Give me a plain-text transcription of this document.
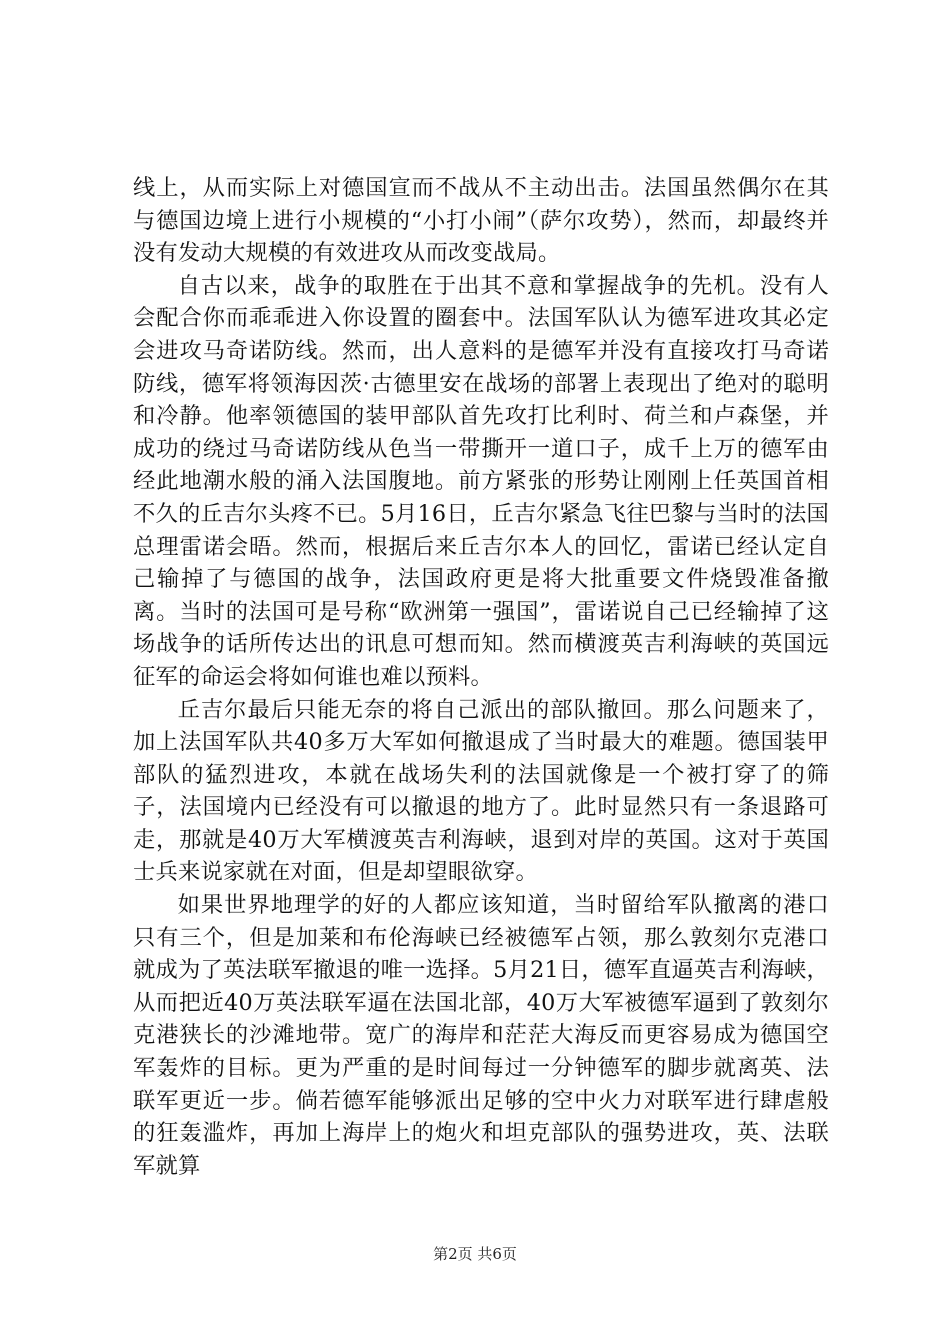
线上，从而实际上对德国宣而不战从不主动出击。法国虽然偶尔在其与德国边境上进行小规模的“小打小闹”（萨尔攻势），然而，却最终并没有发动大规模的有效进攻从而改变战局。

自古以来，战争的取胜在于出其不意和掌握战争的先机。没有人会配合你而乖乖进入你设置的圈套中。法国军队认为德军进攻其必定会进攻马奇诺防线。然而，出人意料的是德军并没有直接攻打马奇诺防线，德军将领海因茨·古德里安在战场的部署上表现出了绝对的聪明和冷静。他率领德国的装甲部队首先攻打比利时、荷兰和卢森堡，并成功的绕过马奇诺防线从色当一带撕开一道口子，成千上万的德军由经此地潮水般的涌入法国腹地。前方紧张的形势让刚刚上任英国首相不久的丘吉尔头疼不已。5月16日，丘吉尔紧急飞往巴黎与当时的法国总理雷诺会晤。然而，根据后来丘吉尔本人的回忆，雷诺已经认定自己输掉了与德国的战争，法国政府更是将大批重要文件烧毁准备撤离。当时的法国可是号称“欧洲第一强国”，雷诺说自己已经输掉了这场战争的话所传达出的讯息可想而知。然而横渡英吉利海峡的英国远征军的命运会将如何谁也难以预料。

丘吉尔最后只能无奈的将自己派出的部队撤回。那么问题来了，加上法国军队共40多万大军如何撤退成了当时最大的难题。德国装甲部队的猛烈进攻，本就在战场失利的法国就像是一个被打穿了的筛子，法国境内已经没有可以撤退的地方了。此时显然只有一条退路可走，那就是40万大军横渡英吉利海峡，退到对岸的英国。这对于英国士兵来说家就在对面，但是却望眼欲穿。

如果世界地理学的好的人都应该知道，当时留给军队撤离的港口只有三个，但是加莱和布伦海峡已经被德军占领，那么敦刻尔克港口就成为了英法联军撤退的唯一选择。5月21日，德军直逼英吉利海峡，从而把近40万英法联军逼在法国北部，40万大军被德军逼到了敦刻尔克港狭长的沙滩地带。宽广的海岸和茫茫大海反而更容易成为德国空军轰炸的目标。更为严重的是时间每过一分钟德军的脚步就离英、法联军更近一步。倘若德军能够派出足够的空中火力对联军进行肆虐般的狂轰滥炸，再加上海岸上的炮火和坦克部队的强势进攻，英、法联军就算

第2页 共6页
